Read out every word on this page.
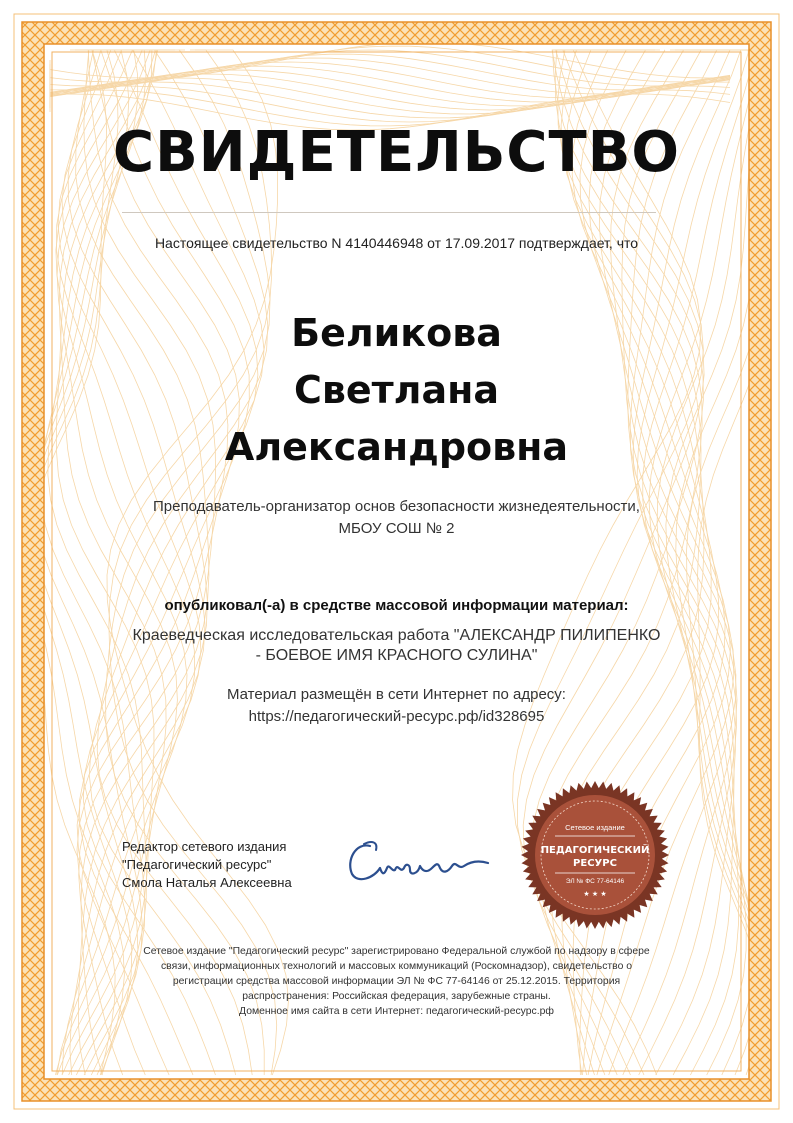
СВИДЕТЕЛЬСТВО
Настоящее свидетельство N 4140446948 от 17.09.2017 подтверждает, что
Беликова
Светлана
Александровна
Преподаватель-организатор основ безопасности жизнедеятельности,
МБОУ СОШ № 2
опубликовал(-а) в средстве массовой информации материал:
Краеведческая исследовательская работа "АЛЕКСАНДР ПИЛИПЕНКО
- БОЕВОЕ ИМЯ КРАСНОГО СУЛИНА"
Материал размещён в сети Интернет по адресу:
https://педагогический-ресурс.рф/id328695
Редактор сетевого издания
"Педагогический ресурс"
Смола Наталья Алексеевна
Сетевое издание
ПЕДАГОГИЧЕСКИЙ
РЕСУРС
ЭЛ № ФС 77-64146
★ ★ ★
Сетевое издание "Педагогический ресурс" зарегистрировано Федеральной службой по надзору в сфере
связи, информационных технологий и массовых коммуникаций (Роскомнадзор), свидетельство о
регистрации средства массовой информации ЭЛ № ФС 77-64146 от 25.12.2015. Территория
распространения: Российская федерация, зарубежные страны.
Доменное имя сайта в сети Интернет: педагогический-ресурс.рф
